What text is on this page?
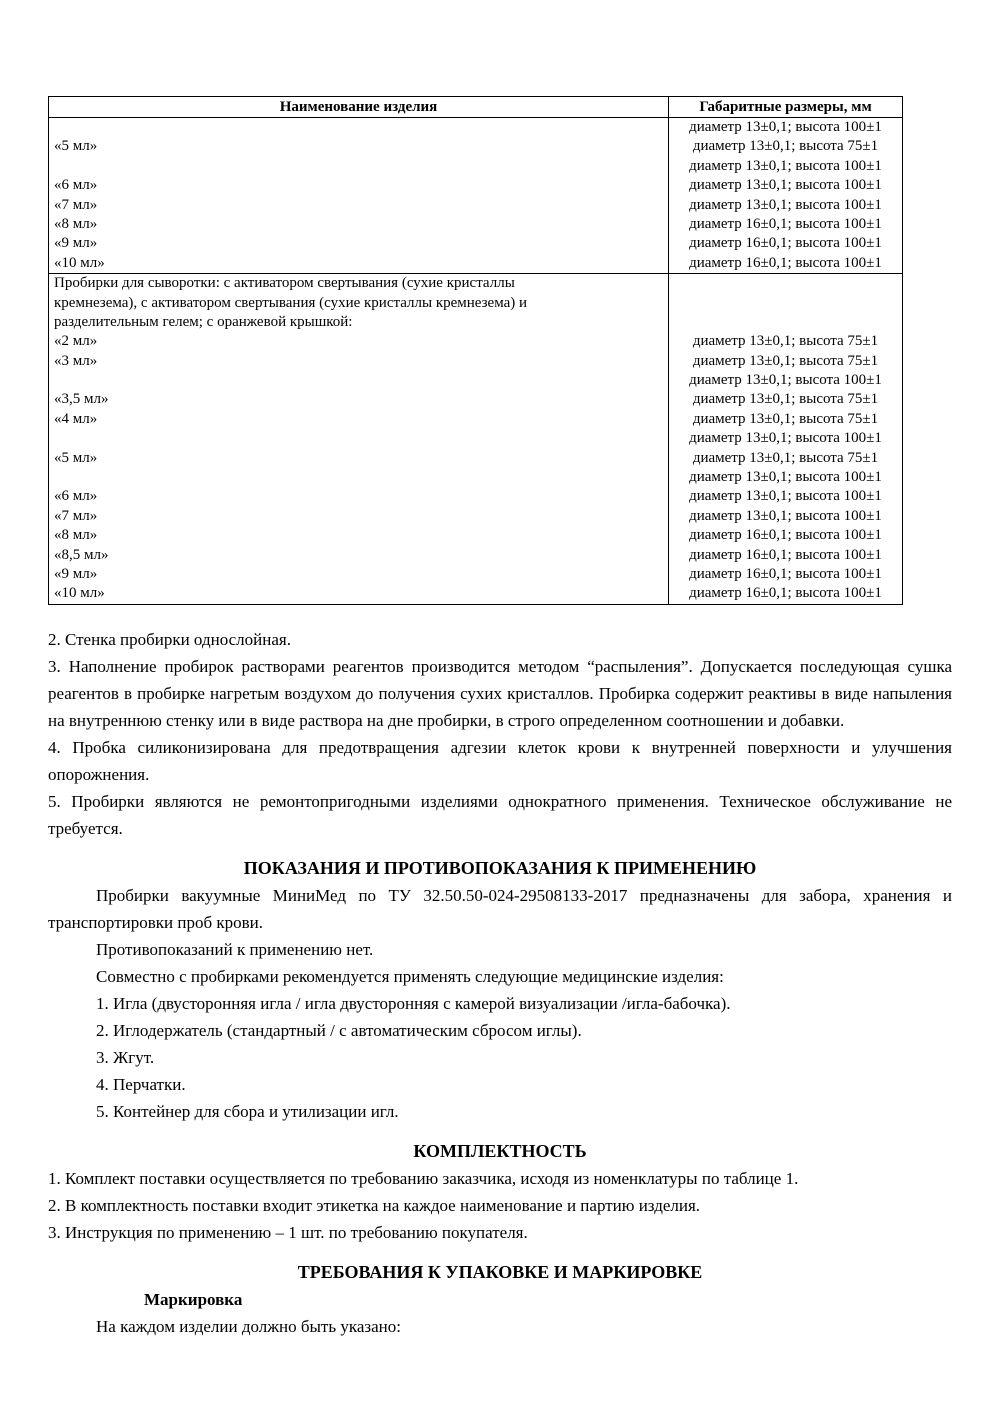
Наименование изделия	Габаритные размеры, мм
«5 мл»
«6 мл»
«7 мл»
«8 мл»
«9 мл»
«10 мл»
диаметр 13±0,1; высота 100±1
диаметр 13±0,1; высота 75±1
диаметр 13±0,1; высота 100±1
диаметр 13±0,1; высота 100±1
диаметр 13±0,1; высота 100±1
диаметр 16±0,1; высота 100±1
диаметр 16±0,1; высота 100±1
диаметр 16±0,1; высота 100±1
Пробирки для сыворотки: с активатором свертывания (сухие кристаллы
кремнезема), с активатором свертывания (сухие кристаллы кремнезема) и
разделительным гелем; с оранжевой крышкой:
«2 мл»
«3 мл»
«3,5 мл»
«4 мл»
«5 мл»
«6 мл»
«7 мл»
«8 мл»
«8,5 мл»
«9 мл»
«10 мл»
диаметр 13±0,1; высота 75±1
диаметр 13±0,1; высота 75±1
диаметр 13±0,1; высота 100±1
диаметр 13±0,1; высота 75±1
диаметр 13±0,1; высота 75±1
диаметр 13±0,1; высота 100±1
диаметр 13±0,1; высота 75±1
диаметр 13±0,1; высота 100±1
диаметр 13±0,1; высота 100±1
диаметр 13±0,1; высота 100±1
диаметр 16±0,1; высота 100±1
диаметр 16±0,1; высота 100±1
диаметр 16±0,1; высота 100±1
диаметр 16±0,1; высота 100±1

2. Стенка пробирки однослойная.

3. Наполнение пробирок растворами реагентов производится методом “распыления”. Допускается последующая сушка реагентов в пробирке нагретым воздухом до получения сухих кристаллов. Пробирка содержит реактивы в виде напыления на внутреннюю стенку или в виде раствора на дне пробирки, в строго определенном соотношении и добавки.

4. Пробка силиконизирована для предотвращения адгезии клеток крови к внутренней поверхности и улучшения опорожнения.

5. Пробирки являются не ремонтопригодными изделиями однократного применения. Техническое обслуживание не требуется.

ПОКАЗАНИЯ И ПРОТИВОПОКАЗАНИЯ К ПРИМЕНЕНИЮ

Пробирки вакуумные МиниМед по ТУ 32.50.50-024-29508133-2017 предназначены для забора, хранения и транспортировки проб крови.

Противопоказаний к применению нет.

Совместно с пробирками рекомендуется применять следующие медицинские изделия:

1. Игла (двусторонняя игла / игла двусторонняя с камерой визуализации /игла-бабочка).
2. Иглодержатель (стандартный / с автоматическим сбросом иглы).
3. Жгут.
4. Перчатки.
5. Контейнер для сбора и утилизации игл.
КОМПЛЕКТНОСТЬ

1. Комплект поставки осуществляется по требованию заказчика, исходя из номенклатуры по таблице 1.

2. В комплектность поставки входит этикетка на каждое наименование и партию изделия.

3. Инструкция по применению – 1 шт. по требованию покупателя.

ТРЕБОВАНИЯ К УПАКОВКЕ И МАРКИРОВКЕ
Маркировка

На каждом изделии должно быть указано:
